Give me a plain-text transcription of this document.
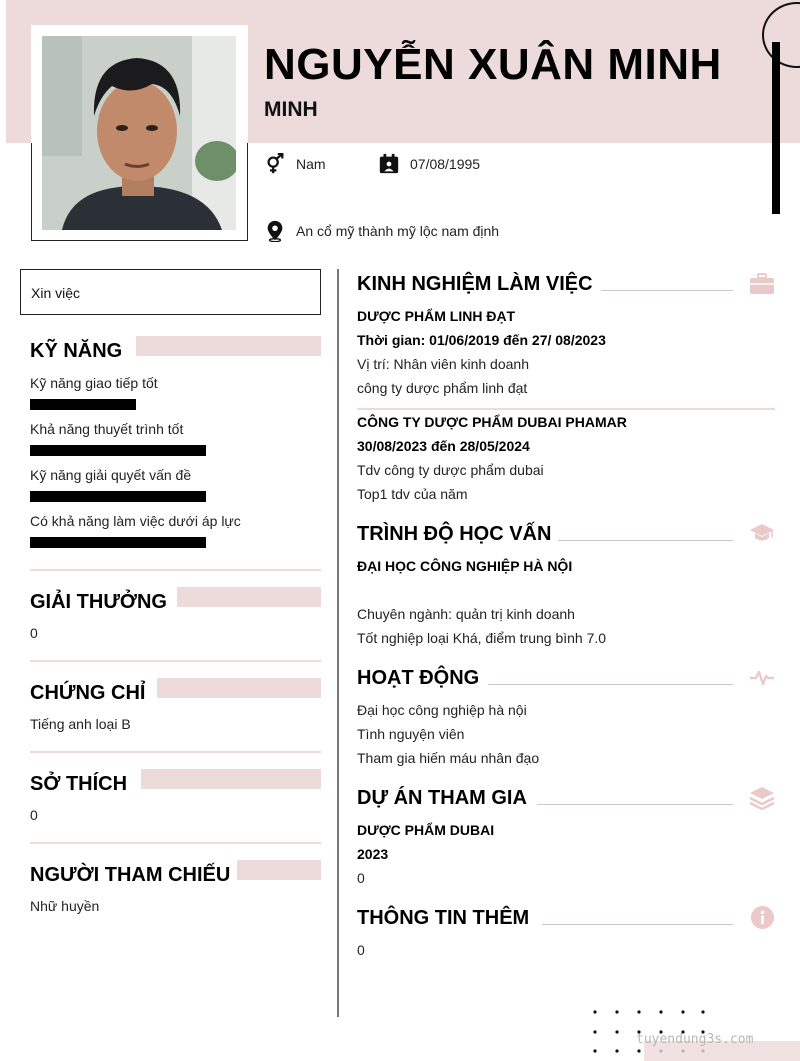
NGUYỄN XUÂN MINH
MINH
Nam	07/08/1995
An cổ mỹ thành mỹ lộc nam định
Xin việc
KỸ NĂNG
Kỹ năng giao tiếp tốt
Khả năng thuyết trình tốt
Kỹ năng giải quyết vấn đề
Có khả năng làm việc dưới áp lực
GIẢI THƯỞNG
0
CHỨNG CHỈ
Tiếng anh loại B
SỞ THÍCH
0
NGƯỜI THAM CHIẾU
Nhữ huyền
KINH NGHIỆM LÀM VIỆC
DƯỢC PHẨM LINH ĐẠT
Thời gian: 01/06/2019 đến 27/ 08/2023
Vị trí: Nhân viên kinh doanh
công ty dược phẩm linh đạt
CÔNG TY DƯỢC PHẨM DUBAI PHAMAR
30/08/2023 đến 28/05/2024
Tdv công ty dược phẩm dubai
Top1 tdv của năm
TRÌNH ĐỘ HỌC VẤN
ĐẠI HỌC CÔNG NGHIỆP HÀ NỘI
Chuyên ngành: quản trị kinh doanh
Tốt nghiệp loại Khá, điểm trung bình 7.0
HOẠT ĐỘNG
Đại học công nghiệp hà nội
Tình nguyện viên
Tham gia hiến máu nhân đạo
DỰ ÁN THAM GIA
DƯỢC PHẨM DUBAI
2023
0
THÔNG TIN THÊM
0
tuyendung3s.com
